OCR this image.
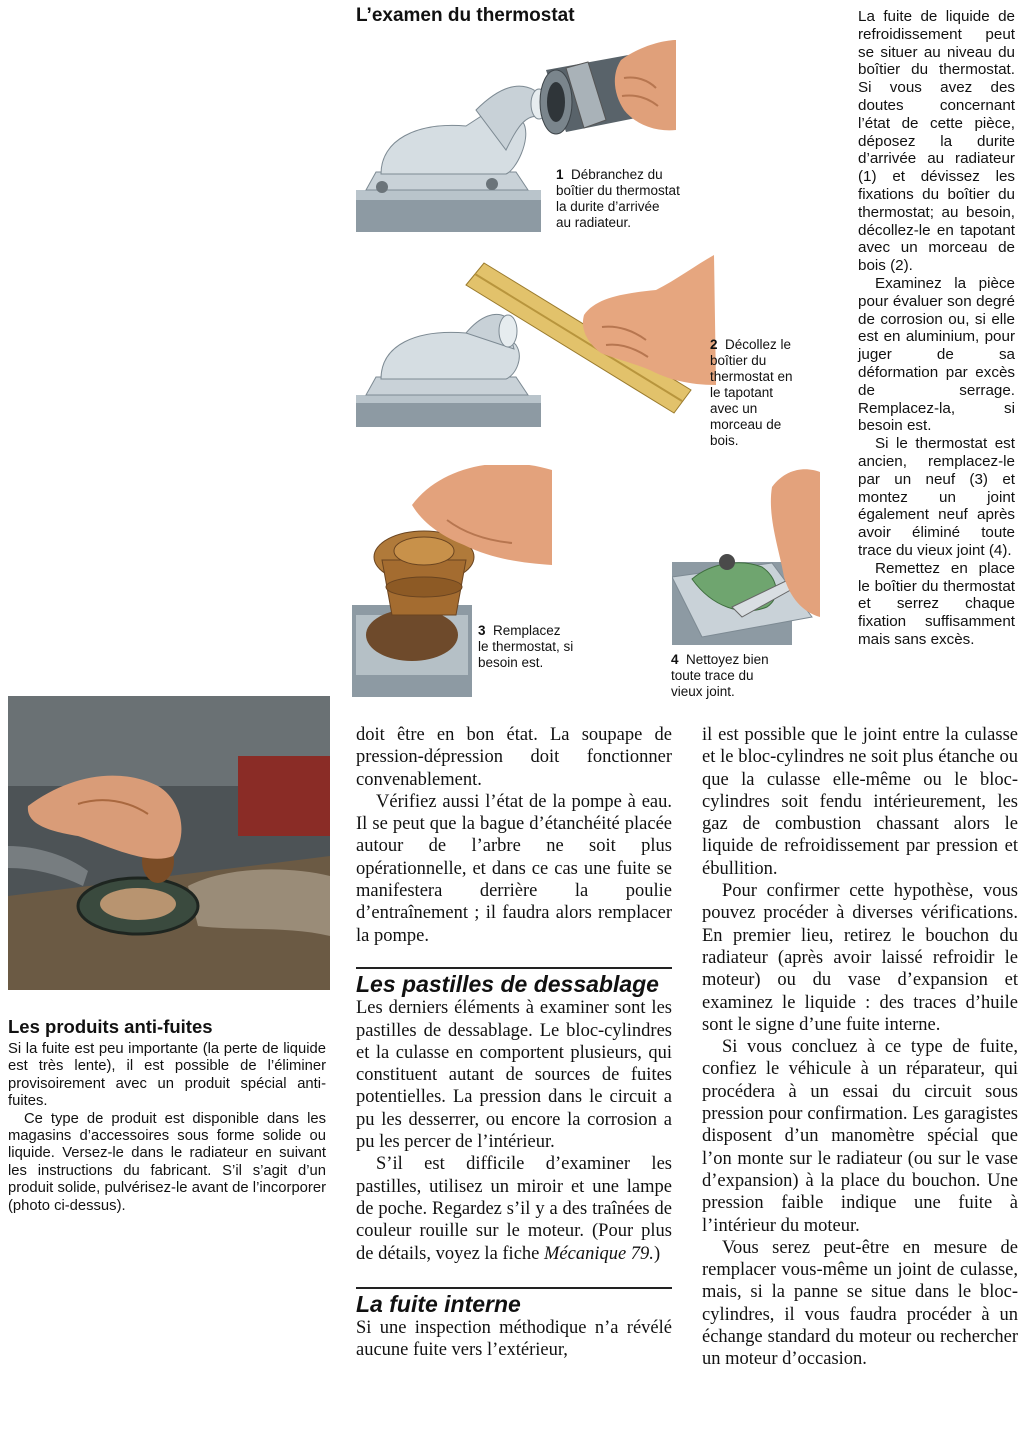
L’examen du thermostat
1 Débranchez du
boîtier du thermostat
la durite d’arrivée
au radiateur.
2 Décollez le
boîtier du
thermostat en
le tapotant
avec un
morceau de
bois.
3 Remplacez
le thermostat, si
besoin est.	4 Nettoyez bien
toute trace du
vieux joint.

La fuite de liquide de refroidissement peut se situer au niveau du boîtier du thermostat. Si vous avez des doutes concernant l’état de cette pièce, déposez la durite d’arrivée au radiateur (1) et dévissez les fixations du boîtier du thermostat; au besoin, décollez-le en tapotant avec un morceau de bois (2).

Examinez la pièce pour évaluer son degré de corrosion ou, si elle est en aluminium, pour juger de sa déformation par excès de serrage. Remplacez-la, si besoin est.

Si le thermostat est ancien, remplacez-le par un neuf (3) et montez un joint également neuf après avoir éliminé toute trace du vieux joint (4).

Remettez en place le boîtier du thermostat et serrez chaque fixation suffisamment mais sans excès.

Les produits anti-fuites

Si la fuite est peu importante (la perte de liquide est très lente), il est possible de l’éliminer provisoirement avec un produit spécial anti-fuites.

Ce type de produit est disponible dans les magasins d’accessoires sous forme solide ou liquide. Versez-le dans le radiateur en suivant les instructions du fabricant. S’il s’agit d’un produit solide, pulvérisez-le avant de l’incorporer (photo ci-dessus).

doit être en bon état. La soupape de pression-dépression doit fonctionner convenablement.

Vérifiez aussi l’état de la pompe à eau. Il se peut que la bague d’étanchéité placée autour de l’arbre ne soit plus opérationnelle, et dans ce cas une fuite se manifestera derrière la poulie d’entraînement ; il faudra alors remplacer la pompe.

Les pastilles de dessablage

Les derniers éléments à examiner sont les pastilles de dessablage. Le bloc-cylindres et la culasse en comportent plusieurs, qui constituent autant de sources de fuites potentielles. La pression dans le circuit a pu les desserrer, ou encore la corrosion a pu les percer de l’intérieur.

S’il est difficile d’examiner les pastilles, utilisez un miroir et une lampe de poche. Regardez s’il y a des traînées de couleur rouille sur le moteur. (Pour plus de détails, voyez la fiche Mécanique 79.)

La fuite interne

Si une inspection méthodique n’a révélé aucune fuite vers l’extérieur,

il est possible que le joint entre la culasse et le bloc-cylindres ne soit plus étanche ou que la culasse elle-même ou le bloc-cylindres soit fendu intérieurement, les gaz de combustion chassant alors le liquide de refroidissement par pression et ébullition.

Pour confirmer cette hypothèse, vous pouvez procéder à diverses vérifications. En premier lieu, retirez le bouchon du radiateur (après avoir laissé refroidir le moteur) ou du vase d’expansion et examinez le liquide : des traces d’huile sont le signe d’une fuite interne.

Si vous concluez à ce type de fuite, confiez le véhicule à un réparateur, qui procédera à un essai du circuit sous pression pour confirmation. Les garagistes disposent d’un manomètre spécial que l’on monte sur le radiateur (ou sur le vase d’expansion) à la place du bouchon. Une pression faible indique une fuite à l’intérieur du moteur.

Vous serez peut-être en mesure de remplacer vous-même un joint de culasse, mais, si la panne se situe dans le bloc-cylindres, il vous faudra procéder à un échange standard du moteur ou rechercher un moteur d’occasion.
